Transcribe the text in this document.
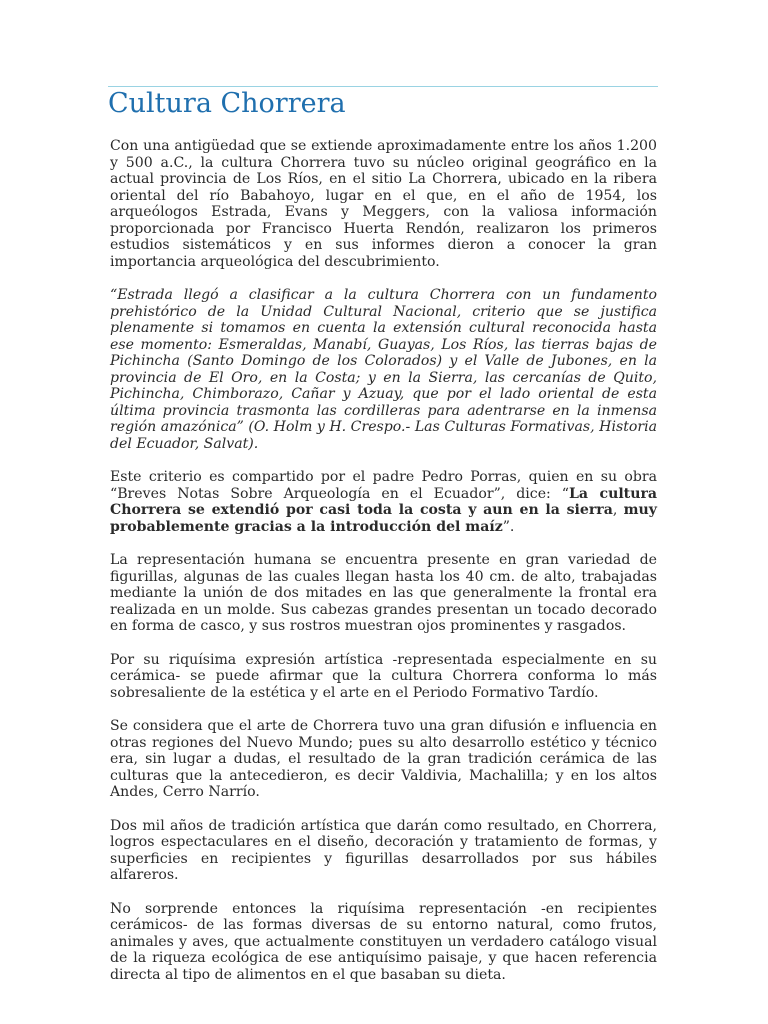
Cultura Chorrera

Con una antigüedad que se extiende aproximadamente entre los años 1.200 y 500 a.C., la cultura Chorrera tuvo su núcleo original geográfico en la actual provincia de Los Ríos, en el sitio La Chorrera, ubicado en la ribera oriental del río Babahoyo, lugar en el que, en el año de 1954, los arqueólogos Estrada, Evans y Meggers, con la valiosa información proporcionada por Francisco Huerta Rendón, realizaron los primeros estudios sistemáticos y en sus informes dieron a conocer la gran importancia arqueológica del descubrimiento.

“Estrada llegó a clasificar a la cultura Chorrera con un fundamento prehistórico de la Unidad Cultural Nacional, criterio que se justifica plenamente si tomamos en cuenta la extensión cultural reconocida hasta ese momento: Esmeraldas, Manabí, Guayas, Los Ríos, las tierras bajas de Pichincha (Santo Domingo de los Colorados) y el Valle de Jubones, en la provincia de El Oro, en la Costa; y en la Sierra, las cercanías de Quito, Pichincha, Chimborazo, Cañar y Azuay, que por el lado oriental de esta última provincia trasmonta las cordilleras para adentrarse en la inmensa región amazónica” (O. Holm y H. Crespo.- Las Culturas Formativas, Historia del Ecuador, Salvat).

Este criterio es compartido por el padre Pedro Porras, quien en su obra “Breves Notas Sobre Arqueología en el Ecuador”, dice: “La cultura Chorrera se extendió por casi toda la costa y aun en la sierra, muy probablemente gracias a la introducción del maíz”.

La representación humana se encuentra presente en gran variedad de figurillas, algunas de las cuales llegan hasta los 40 cm. de alto, trabajadas mediante la unión de dos mitades en las que generalmente la frontal era realizada en un molde. Sus cabezas grandes presentan un tocado decorado en forma de casco, y sus rostros muestran ojos prominentes y rasgados.

Por su riquísima expresión artística -representada especialmente en su cerámica- se puede afirmar que la cultura Chorrera conforma lo más sobresaliente de la estética y el arte en el Periodo Formativo Tardío.

Se considera que el arte de Chorrera tuvo una gran difusión e influencia en otras regiones del Nuevo Mundo; pues su alto desarrollo estético y técnico era, sin lugar a dudas, el resultado de la gran tradición cerámica de las culturas que la antecedieron, es decir Valdivia, Machalilla; y en los altos Andes, Cerro Narrío.

Dos mil años de tradición artística que darán como resultado, en Chorrera, logros espectaculares en el diseño, decoración y tratamiento de formas, y superficies en recipientes y figurillas desarrollados por sus hábiles alfareros.

No sorprende entonces la riquísima representación -en recipientes cerámicos- de las formas diversas de su entorno natural, como frutos, animales y aves, que actualmente constituyen un verdadero catálogo visual de la riqueza ecológica de ese antiquísimo paisaje, y que hacen referencia directa al tipo de alimentos en el que basaban su dieta.
